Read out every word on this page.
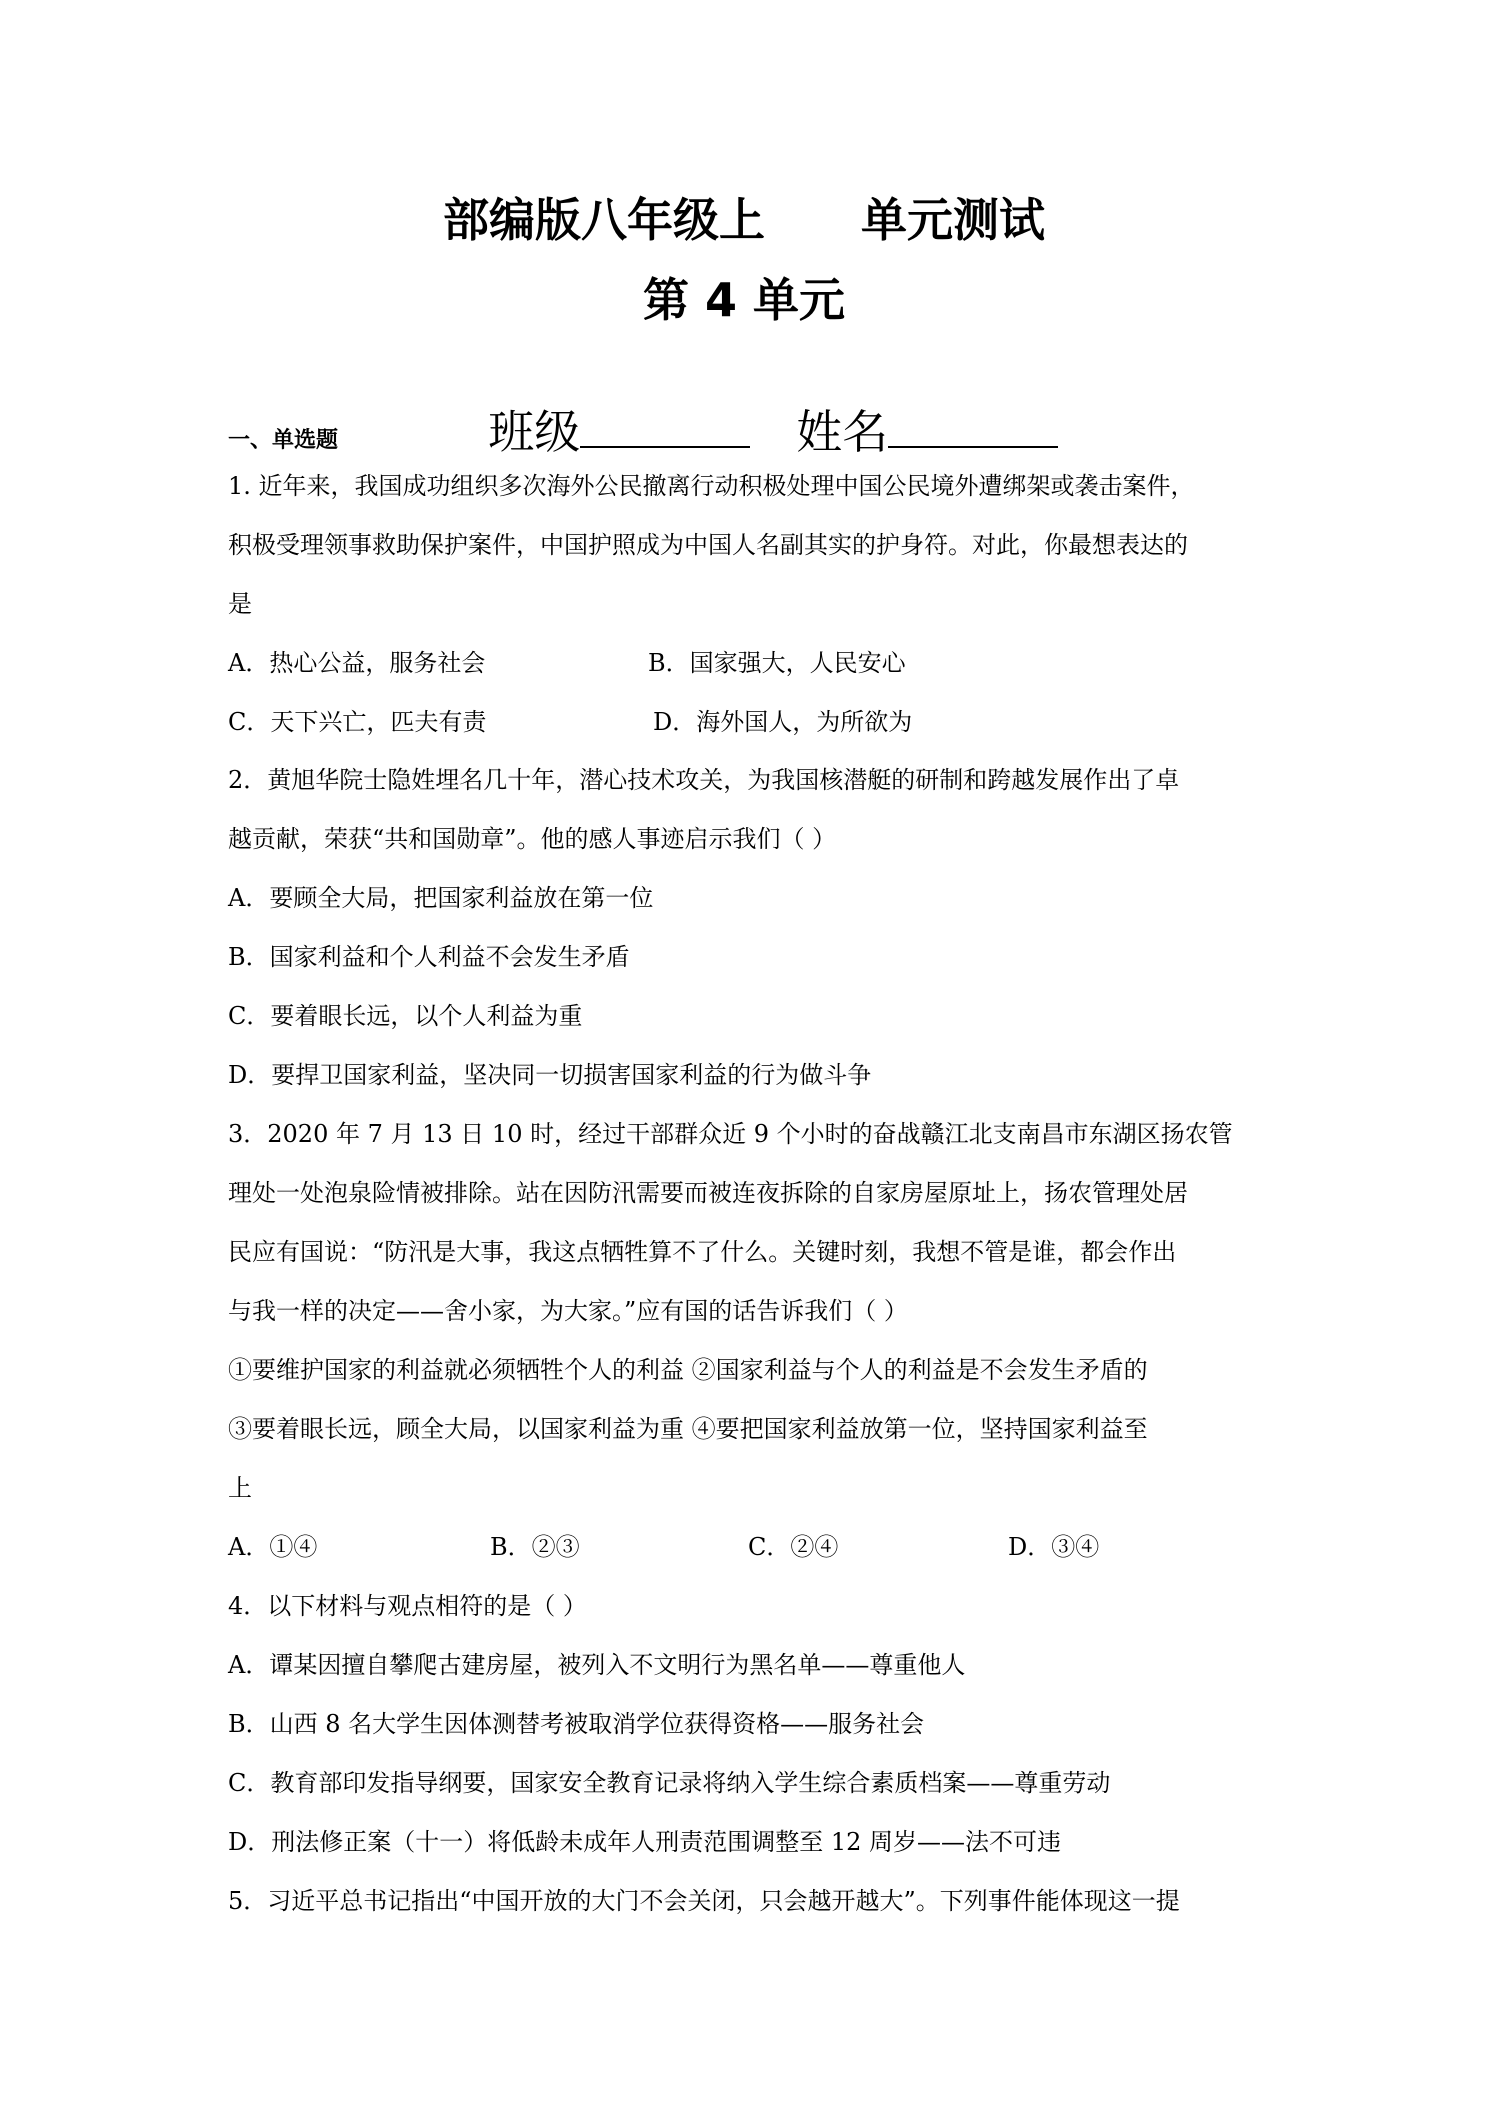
部编版八年级上      单元测试
第 4 单元

班级	姓名

一、单选题
1. 近年来，我国成功组织多次海外公民撤离行动积极处理中国公民境外遭绑架或袭击案件，
积极受理领事救助保护案件，中国护照成为中国人名副其实的护身符。对此，你最想表达的
是
A．热心公益，服务社会	B．国家强大，人民安心
C．天下兴亡，匹夫有责	D．海外国人，为所欲为
2．黄旭华院士隐姓埋名几十年，潜心技术攻关，为我国核潜艇的研制和跨越发展作出了卓
越贡献，荣获“共和国勋章”。他的感人事迹启示我们（ ）
A．要顾全大局，把国家利益放在第一位
B．国家利益和个人利益不会发生矛盾
C．要着眼长远，以个人利益为重
D．要捍卫国家利益，坚决同一切损害国家利益的行为做斗争
3．2020 年 7 月 13 日 10 时，经过干部群众近 9 个小时的奋战赣江北支南昌市东湖区扬农管
理处一处泡泉险情被排除。站在因防汛需要而被连夜拆除的自家房屋原址上，扬农管理处居
民应有国说：“防汛是大事，我这点牺牲算不了什么。关键时刻，我想不管是谁，都会作出
与我一样的决定——舍小家，为大家。”应有国的话告诉我们（ ）
①要维护国家的利益就必须牺牲个人的利益 ②国家利益与个人的利益是不会发生矛盾的
③要着眼长远，顾全大局，以国家利益为重 ④要把国家利益放第一位，坚持国家利益至
上
A．①④	B．②③	C．②④	D．③④
4．以下材料与观点相符的是（ ）
A．谭某因擅自攀爬古建房屋，被列入不文明行为黑名单——尊重他人
B．山西 8 名大学生因体测替考被取消学位获得资格——服务社会
C．教育部印发指导纲要，国家安全教育记录将纳入学生综合素质档案——尊重劳动
D．刑法修正案（十一）将低龄未成年人刑责范围调整至 12 周岁——法不可违
5．习近平总书记指出“中国开放的大门不会关闭，只会越开越大”。下列事件能体现这一提
